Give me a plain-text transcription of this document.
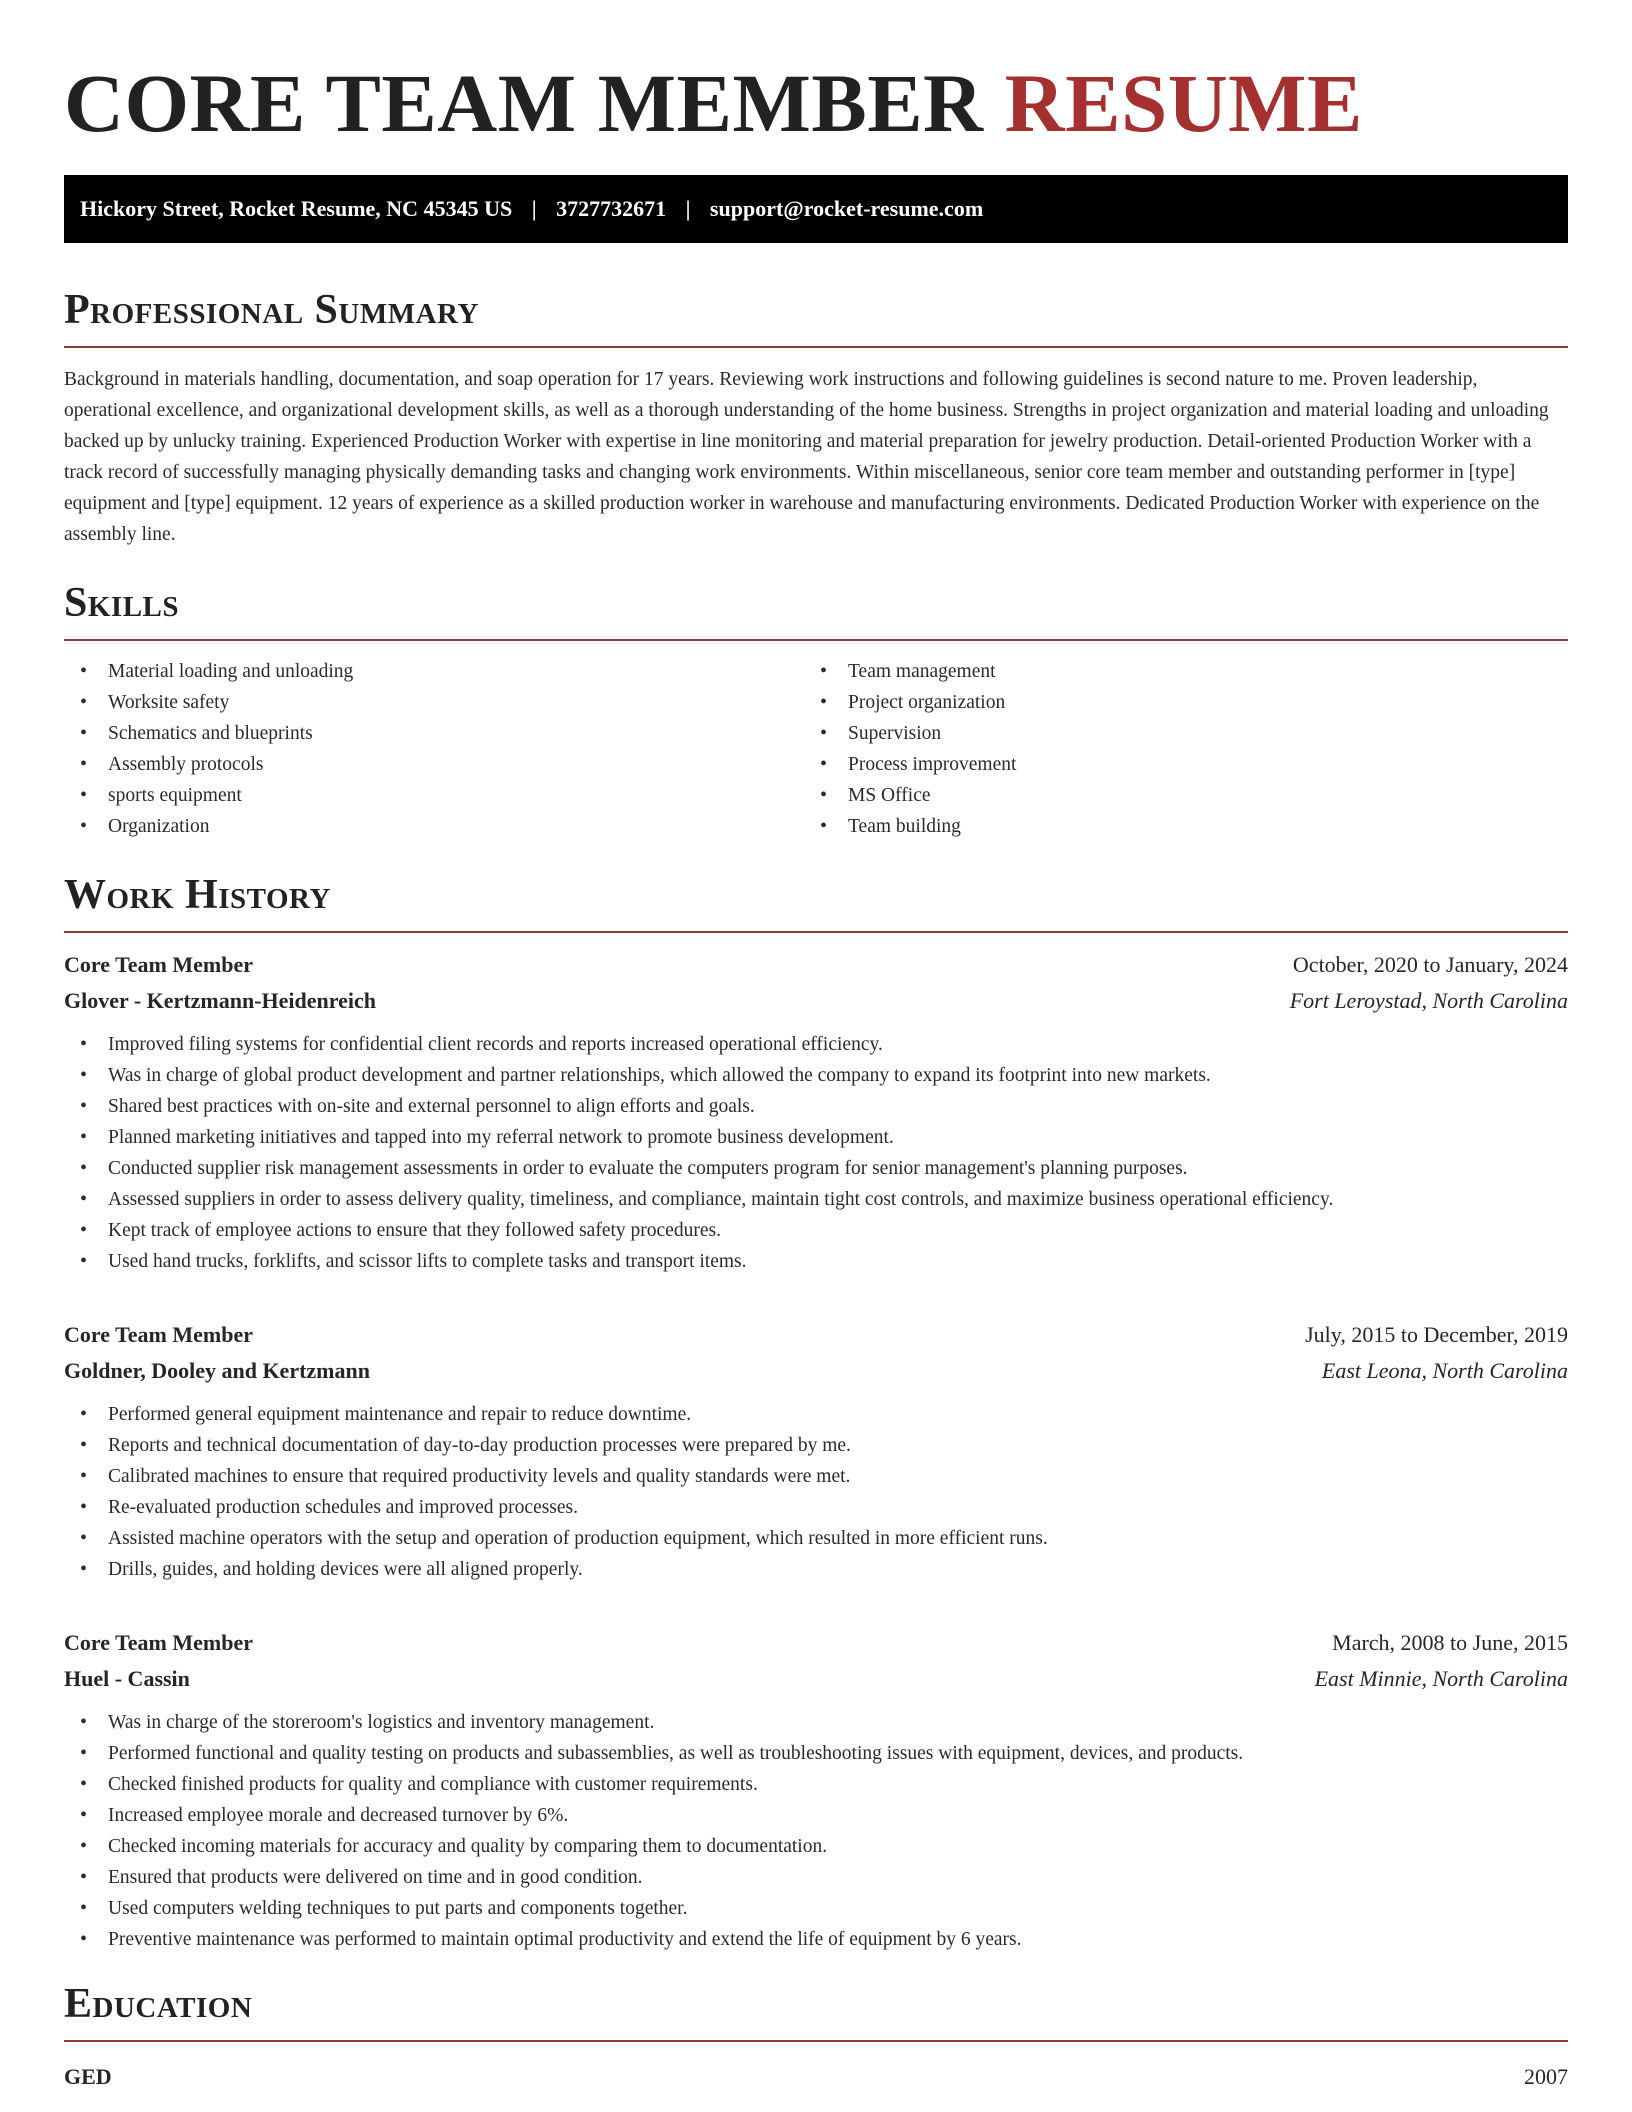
CORE TEAM MEMBER RESUME
Hickory Street, Rocket Resume, NC 45345 US | 3727732671 | support@rocket-resume.com
Professional Summary

Background in materials handling, documentation, and soap operation for 17 years. Reviewing work instructions and following guidelines is second nature to me. Proven leadership, operational excellence, and organizational development skills, as well as a thorough understanding of the home business. Strengths in project organization and material loading and unloading backed up by unlucky training. Experienced Production Worker with expertise in line monitoring and material preparation for jewelry production. Detail-oriented Production Worker with a track record of successfully managing physically demanding tasks and changing work environments. Within miscellaneous, senior core team member and outstanding performer in [type] equipment and [type] equipment. 12 years of experience as a skilled production worker in warehouse and manufacturing environments. Dedicated Production Worker with experience on the assembly line.

Skills
• Material loading and unloading
• Worksite safety
• Schematics and blueprints
• Assembly protocols
• sports equipment
• Organization
• Team management
• Project organization
• Supervision
• Process improvement
• MS Office
• Team building
Work History
Core Team Member	October, 2020 to January, 2024
Glover - Kertzmann-Heidenreich	Fort Leroystad, North Carolina
• Improved filing systems for confidential client records and reports increased operational efficiency.
• Was in charge of global product development and partner relationships, which allowed the company to expand its footprint into new markets.
• Shared best practices with on-site and external personnel to align efforts and goals.
• Planned marketing initiatives and tapped into my referral network to promote business development.
• Conducted supplier risk management assessments in order to evaluate the computers program for senior management's planning purposes.
• Assessed suppliers in order to assess delivery quality, timeliness, and compliance, maintain tight cost controls, and maximize business operational efficiency.
• Kept track of employee actions to ensure that they followed safety procedures.
• Used hand trucks, forklifts, and scissor lifts to complete tasks and transport items.
Core Team Member	July, 2015 to December, 2019
Goldner, Dooley and Kertzmann	East Leona, North Carolina
• Performed general equipment maintenance and repair to reduce downtime.
• Reports and technical documentation of day-to-day production processes were prepared by me.
• Calibrated machines to ensure that required productivity levels and quality standards were met.
• Re-evaluated production schedules and improved processes.
• Assisted machine operators with the setup and operation of production equipment, which resulted in more efficient runs.
• Drills, guides, and holding devices were all aligned properly.
Core Team Member	March, 2008 to June, 2015
Huel - Cassin	East Minnie, North Carolina
• Was in charge of the storeroom's logistics and inventory management.
• Performed functional and quality testing on products and subassemblies, as well as troubleshooting issues with equipment, devices, and products.
• Checked finished products for quality and compliance with customer requirements.
• Increased employee morale and decreased turnover by 6%.
• Checked incoming materials for accuracy and quality by comparing them to documentation.
• Ensured that products were delivered on time and in good condition.
• Used computers welding techniques to put parts and components together.
• Preventive maintenance was performed to maintain optimal productivity and extend the life of equipment by 6 years.
Education
GED	2007
